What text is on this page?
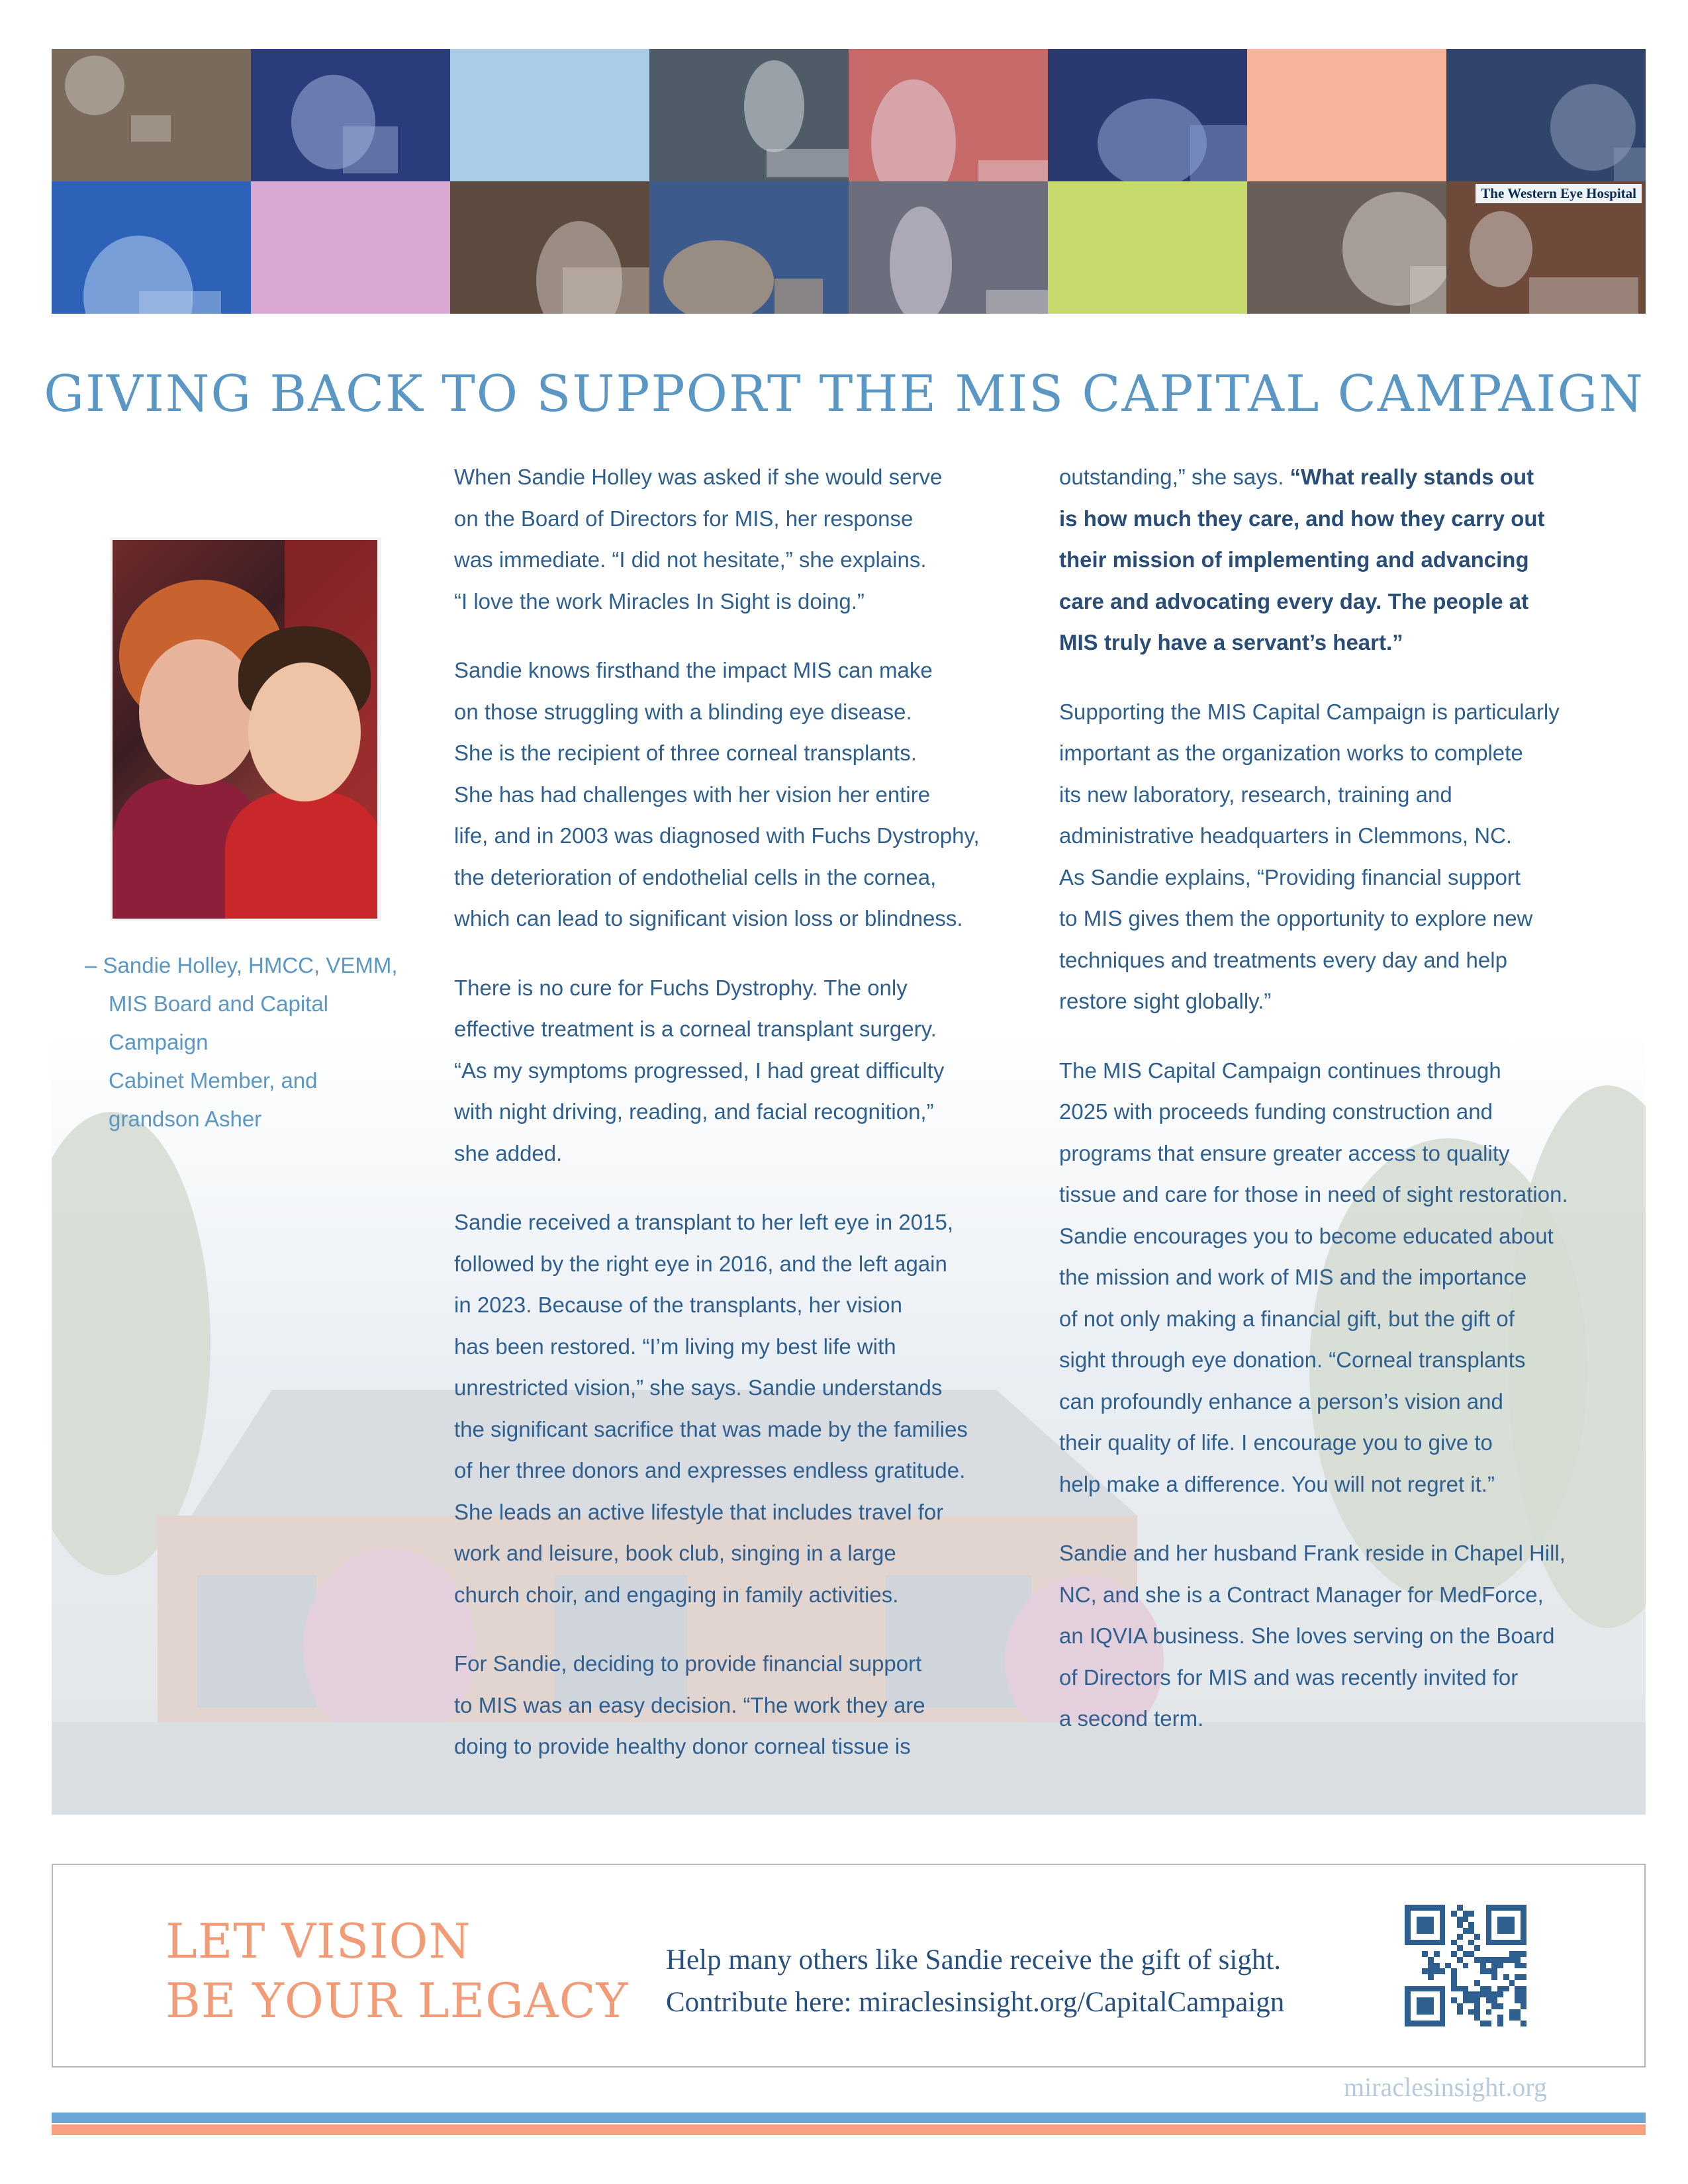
The Western Eye Hospital
GIVING BACK TO SUPPORT THE MIS CAPITAL CAMPAIGN
– Sandie Holley, HMCC, VEMM,
MIS Board and Capital Campaign
Cabinet Member, and
grandson Asher

When Sandie Holley was asked if she would serve
on the Board of Directors for MIS, her response
was immediate. “I did not hesitate,” she explains.
“I love the work Miracles In Sight is doing.”

Sandie knows firsthand the impact MIS can make
on those struggling with a blinding eye disease.
She is the recipient of three corneal transplants.
She has had challenges with her vision her entire
life, and in 2003 was diagnosed with Fuchs Dystrophy,
the deterioration of endothelial cells in the cornea,
which can lead to significant vision loss or blindness.

There is no cure for Fuchs Dystrophy. The only
effective treatment is a corneal transplant surgery.
“As my symptoms progressed, I had great difficulty
with night driving, reading, and facial recognition,”
she added.

Sandie received a transplant to her left eye in 2015,
followed by the right eye in 2016, and the left again
in 2023. Because of the transplants, her vision
has been restored. “I’m living my best life with
unrestricted vision,” she says. Sandie understands
the significant sacrifice that was made by the families
of her three donors and expresses endless gratitude.
She leads an active lifestyle that includes travel for
work and leisure, book club, singing in a large
church choir, and engaging in family activities.

For Sandie, deciding to provide financial support
to MIS was an easy decision. “The work they are
doing to provide healthy donor corneal tissue is

outstanding,” she says. “What really stands out
is how much they care, and how they carry out
their mission of implementing and advancing
care and advocating every day. The people at
MIS truly have a servant’s heart.”

Supporting the MIS Capital Campaign is particularly
important as the organization works to complete
its new laboratory, research, training and
administrative headquarters in Clemmons, NC.
As Sandie explains, “Providing financial support
to MIS gives them the opportunity to explore new
techniques and treatments every day and help
restore sight globally.”

The MIS Capital Campaign continues through
2025 with proceeds funding construction and
programs that ensure greater access to quality
tissue and care for those in need of sight restoration.
Sandie encourages you to become educated about
the mission and work of MIS and the importance
of not only making a financial gift, but the gift of
sight through eye donation. “Corneal transplants
can profoundly enhance a person’s vision and
their quality of life. I encourage you to give to
help make a difference. You will not regret it.”

Sandie and her husband Frank reside in Chapel Hill,
NC, and she is a Contract Manager for MedForce,
an IQVIA business. She loves serving on the Board
of Directors for MIS and was recently invited for
a second term.

LET VISION
BE YOUR LEGACY
Help many others like Sandie receive the gift of sight.
Contribute here: miraclesinsight.org/CapitalCampaign
miraclesinsight.org
